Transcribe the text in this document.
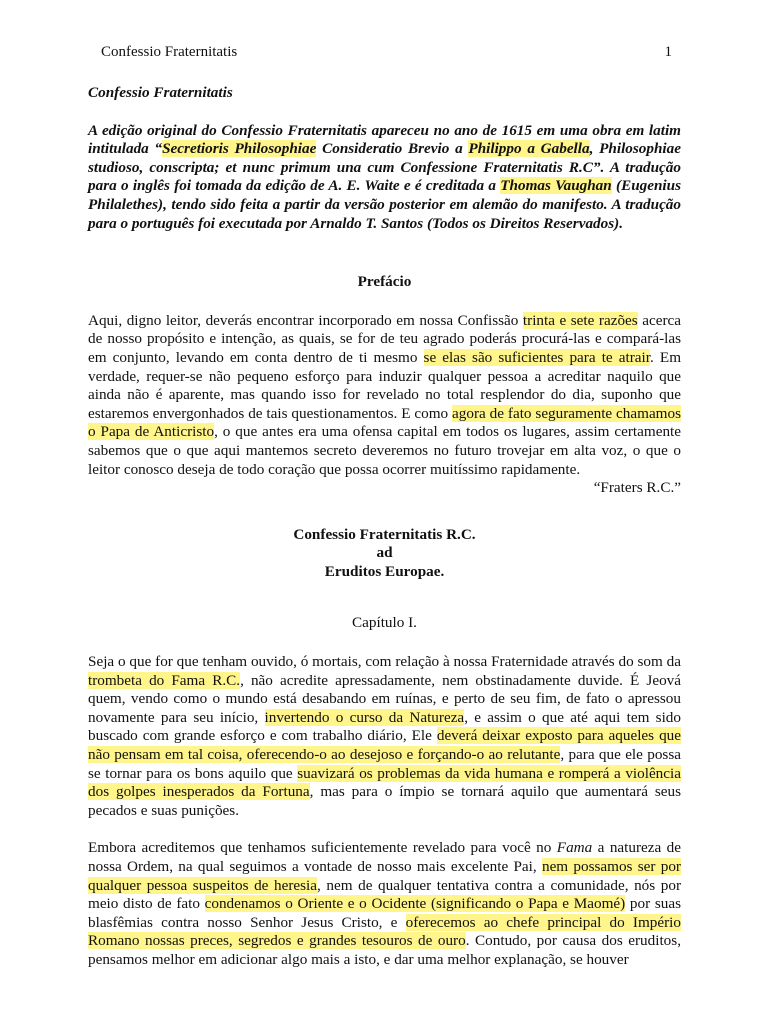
Confessio Fraternitatis	1

Confessio Fraternitatis

A edição original do Confessio Fraternitatis apareceu no ano de 1615 em uma obra em latim intitulada “Secretioris Philosophiae Consideratio Brevio a Philippo a Gabella, Philosophiae studioso, conscripta; et nunc primum una cum Confessione Fraternitatis R.C”. A tradução para o inglês foi tomada da edição de A. E. Waite e é creditada a Thomas Vaughan (Eugenius Philalethes), tendo sido feita a partir da versão posterior em alemão do manifesto. A tradução para o português foi executada por Arnaldo T. Santos (Todos os Direitos Reservados).

Prefácio

Aqui, digno leitor, deverás encontrar incorporado em nossa Confissão trinta e sete razões acerca de nosso propósito e intenção, as quais, se for de teu agrado poderás procurá-las e compará-las em conjunto, levando em conta dentro de ti mesmo se elas são suficientes para te atrair. Em verdade, requer-se não pequeno esforço para induzir qualquer pessoa a acreditar naquilo que ainda não é aparente, mas quando isso for revelado no total resplendor do dia, suponho que estaremos envergonhados de tais questionamentos. E como agora de fato seguramente chamamos o Papa de Anticristo, o que antes era uma ofensa capital em todos os lugares, assim certamente sabemos que o que aqui mantemos secreto deveremos no futuro trovejar em alta voz, o que o leitor conosco deseja de todo coração que possa ocorrer muitíssimo rapidamente.

“Fraters R.C.”

Confessio Fraternitatis R.C.
ad
Eruditos Europae.

Capítulo I.

Seja o que for que tenham ouvido, ó mortais, com relação à nossa Fraternidade através do som da trombeta do Fama R.C., não acredite apressadamente, nem obstinadamente duvide. É Jeová quem, vendo como o mundo está desabando em ruínas, e perto de seu fim, de fato o apressou novamente para seu início, invertendo o curso da Natureza, e assim o que até aqui tem sido buscado com grande esforço e com trabalho diário, Ele deverá deixar exposto para aqueles que não pensam em tal coisa, oferecendo-o ao desejoso e forçando-o ao relutante, para que ele possa se tornar para os bons aquilo que suavizará os problemas da vida humana e romperá a violência dos golpes inesperados da Fortuna, mas para o ímpio se tornará aquilo que aumentará seus pecados e suas punições.

Embora acreditemos que tenhamos suficientemente revelado para você no Fama a natureza de nossa Ordem, na qual seguimos a vontade de nosso mais excelente Pai, nem possamos ser por qualquer pessoa suspeitos de heresia, nem de qualquer tentativa contra a comunidade, nós por meio disto de fato condenamos o Oriente e o Ocidente (significando o Papa e Maomé) por suas blasfêmias contra nosso Senhor Jesus Cristo, e oferecemos ao chefe principal do Império Romano nossas preces, segredos e grandes tesouros de ouro. Contudo, por causa dos eruditos, pensamos melhor em adicionar algo mais a isto, e dar uma melhor explanação, se houver
